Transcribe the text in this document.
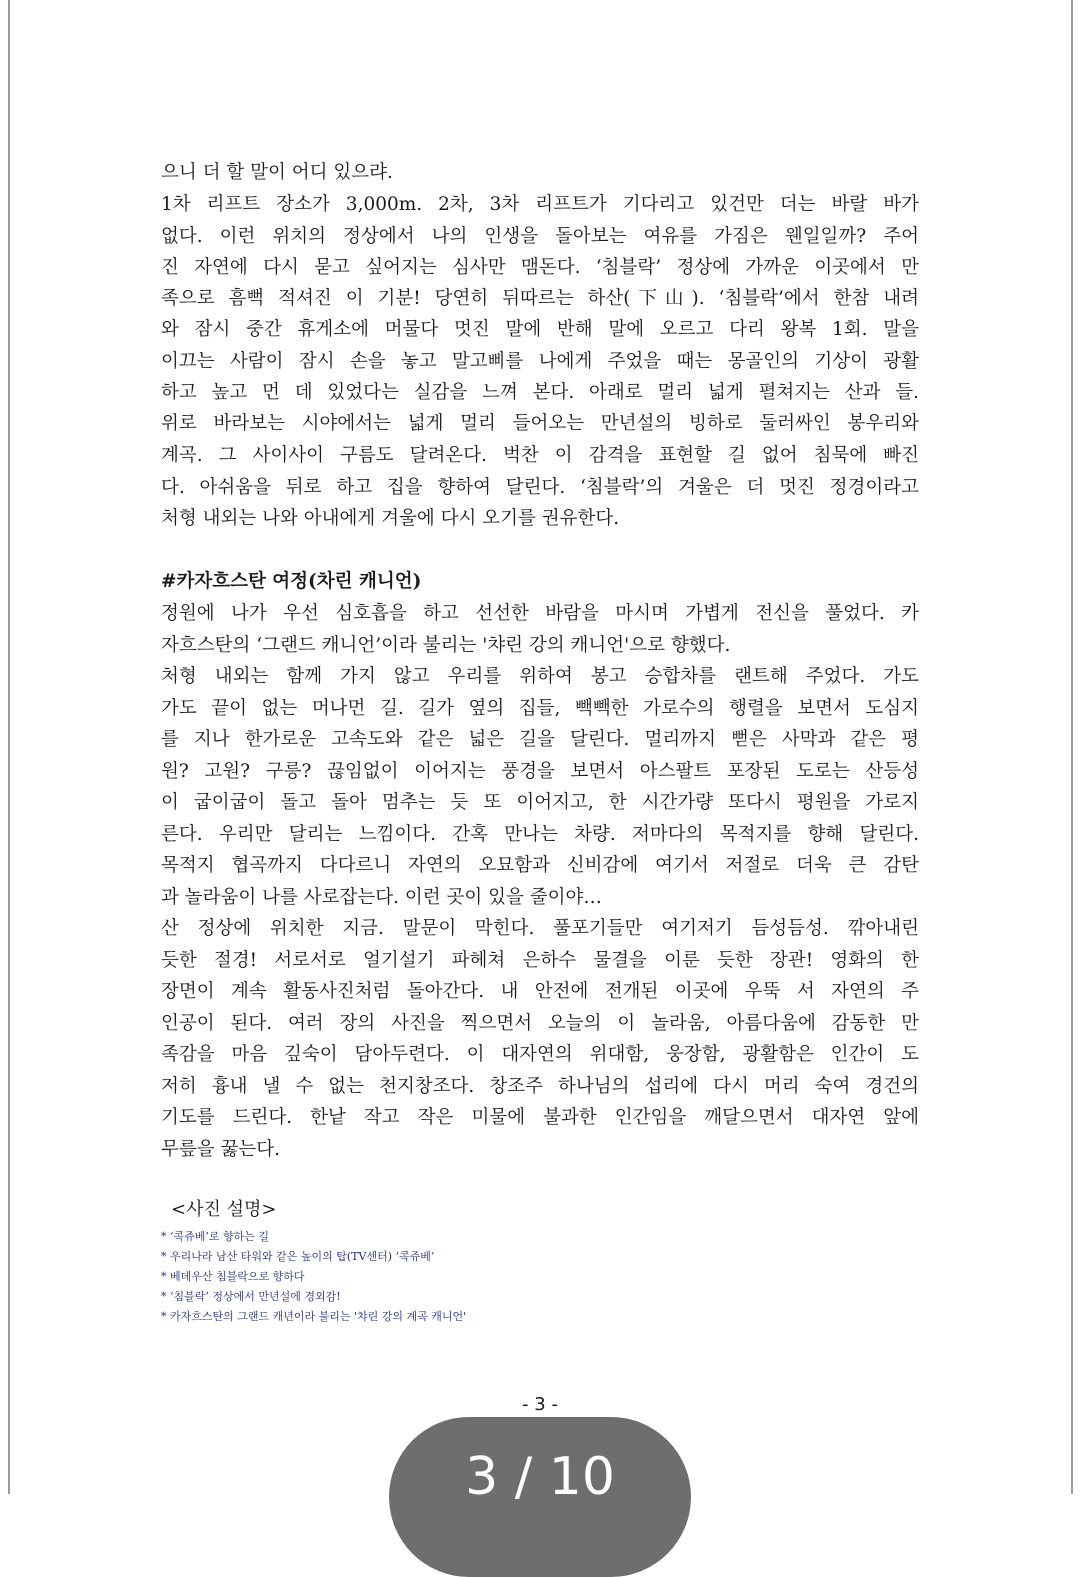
으니 더 할 말이 어디 있으랴.
1차 리프트 장소가 3,000m. 2차, 3차 리프트가 기다리고 있건만 더는 바랄 바가
없다. 이런 위치의 정상에서 나의 인생을 돌아보는 여유를 가짐은 웬일일까? 주어
진 자연에 다시 묻고 싶어지는 심사만 맴돈다. ‘침블락’ 정상에 가까운 이곳에서 만
족으로 흠뻑 적셔진 이 기분! 당연히 뒤따르는 하산(下山). ‘침블락’에서 한참 내려
와 잠시 중간 휴게소에 머물다 멋진 말에 반해 말에 오르고 다리 왕복 1회. 말을
이끄는 사람이 잠시 손을 놓고 말고삐를 나에게 주었을 때는 몽골인의 기상이 광활
하고 높고 먼 데 있었다는 실감을 느껴 본다. 아래로 멀리 넓게 펼쳐지는 산과 들.
위로 바라보는 시야에서는 넓게 멀리 들어오는 만년설의 빙하로 둘러싸인 봉우리와
계곡. 그 사이사이 구름도 달려온다. 벅찬 이 감격을 표현할 길 없어 침묵에 빠진
다. 아쉬움을 뒤로 하고 집을 향하여 달린다. ‘침블락’의 겨울은 더 멋진 정경이라고
처형 내외는 나와 아내에게 겨울에 다시 오기를 권유한다.
#카자흐스탄 여정(차린 캐니언)
정원에 나가 우선 심호흡을 하고 선선한 바람을 마시며 가볍게 전신을 풀었다. 카
자흐스탄의 ‘그랜드 캐니언’이라 불리는 '챠린 강의 캐니언'으로 향했다.
처형 내외는 함께 가지 않고 우리를 위하여 봉고 승합차를 랜트해 주었다. 가도
가도 끝이 없는 머나먼 길. 길가 옆의 집들, 빽빽한 가로수의 행렬을 보면서 도심지
를 지나 한가로운 고속도와 같은 넓은 길을 달린다. 멀리까지 뻗은 사막과 같은 평
원? 고원? 구릉? 끊임없이 이어지는 풍경을 보면서 아스팔트 포장된 도로는 산등성
이 굽이굽이 돌고 돌아 멈추는 듯 또 이어지고, 한 시간가량 또다시 평원을 가로지
른다. 우리만 달리는 느낌이다. 간혹 만나는 차량. 저마다의 목적지를 향해 달린다.
목적지 협곡까지 다다르니 자연의 오묘함과 신비감에 여기서 저절로 더욱 큰 감탄
과 놀라움이 나를 사로잡는다. 이런 곳이 있을 줄이야…
산 정상에 위치한 지금. 말문이 막힌다. 풀포기들만 여기저기 듬성듬성. 깎아내린
듯한 절경! 서로서로 얼기설기 파헤쳐 은하수 물결을 이룬 듯한 장관! 영화의 한
장면이 계속 활동사진처럼 돌아간다. 내 안전에 전개된 이곳에 우뚝 서 자연의 주
인공이 된다. 여러 장의 사진을 찍으면서 오늘의 이 놀라움, 아름다움에 감동한 만
족감을 마음 깊숙이 담아두련다. 이 대자연의 위대함, 웅장함, 광활함은 인간이 도
저히 흉내 낼 수 없는 천지창조다. 창조주 하나님의 섭리에 다시 머리 숙여 경건의
기도를 드린다. 한낱 작고 작은 미물에 불과한 인간임을 깨달으면서 대자연 앞에
무릎을 꿇는다.
<사진 설명>
* ‘콕쥬베’로 향하는 길
* 우리나라 남산 타워와 같은 높이의 탑(TV센터) ‘콕쥬베’
* 베데우산 침블락으로 향하다
* ‘침블락’ 정상에서 만년설에 경외감!
* 카자흐스탄의 그랜드 캐년이라 불리는 '챠린 강의 계곡 캐니언'
- 3 -
3 / 10
